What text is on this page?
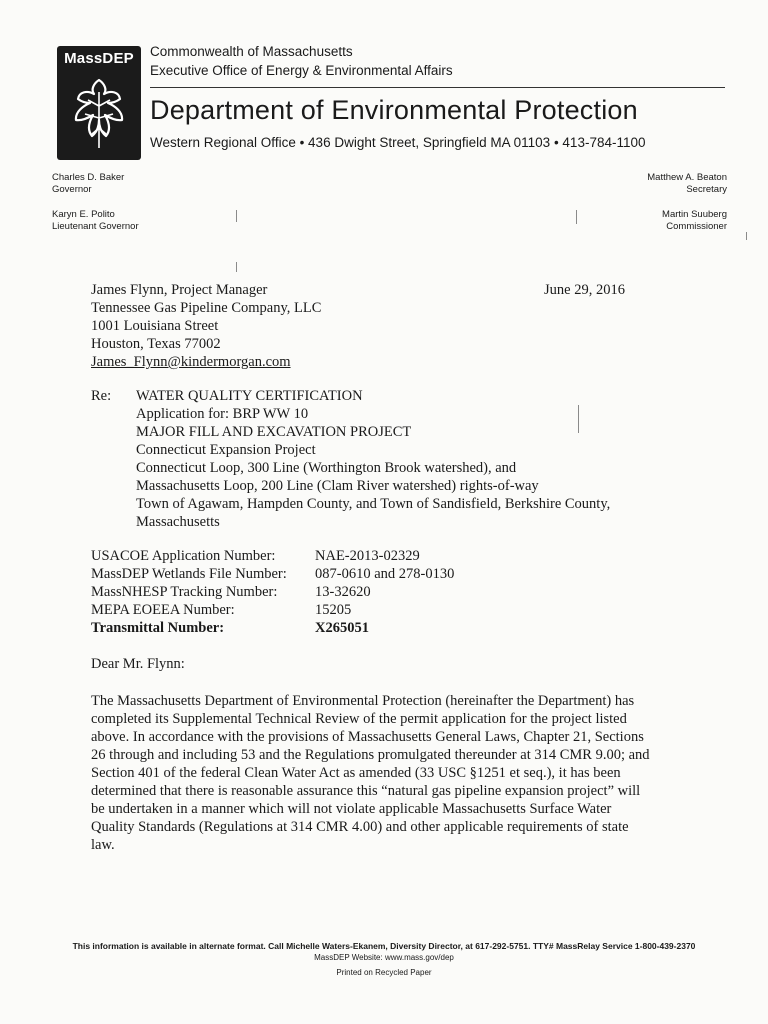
MassDEP	Commonwealth of Massachusetts
Executive Office of Energy & Environmental Affairs
Department of Environmental Protection
Western Regional Office • 436 Dwight Street, Springfield MA 01103 • 413-784-1100
Charles D. Baker
Governor
Karyn E. Polito
Lieutenant Governor
Matthew A. Beaton
Secretary
Martin Suuberg
Commissioner
James Flynn, Project Manager
Tennessee Gas Pipeline Company, LLC
1001 Louisiana Street
Houston, Texas 77002
James_Flynn@kindermorgan.com
June 29, 2016
Re: WATER QUALITY CERTIFICATION
Application for: BRP WW 10
MAJOR FILL AND EXCAVATION PROJECT
Connecticut Expansion Project
Connecticut Loop, 300 Line (Worthington Brook watershed), and
Massachusetts Loop, 200 Line (Clam River watershed) rights-of-way
Town of Agawam, Hampden County, and Town of Sandisfield, Berkshire County,
Massachusetts
USACOE Application Number:	NAE-2013-02329
MassDEP Wetlands File Number:	087-0610 and 278-0130
MassNHESP Tracking Number:	13-32620
MEPA EOEEA Number:	15205
Transmittal Number:	X265051
Dear Mr. Flynn:
The Massachusetts Department of Environmental Protection (hereinafter the Department) has
completed its Supplemental Technical Review of the permit application for the project listed
above. In accordance with the provisions of Massachusetts General Laws, Chapter 21, Sections
26 through and including 53 and the Regulations promulgated thereunder at 314 CMR 9.00; and
Section 401 of the federal Clean Water Act as amended (33 USC §1251 et seq.), it has been
determined that there is reasonable assurance this “natural gas pipeline expansion project” will
be undertaken in a manner which will not violate applicable Massachusetts Surface Water
Quality Standards (Regulations at 314 CMR 4.00) and other applicable requirements of state
law.
This information is available in alternate format. Call Michelle Waters-Ekanem, Diversity Director, at 617-292-5751. TTY# MassRelay Service 1-800-439-2370
MassDEP Website: www.mass.gov/dep
Printed on Recycled Paper
